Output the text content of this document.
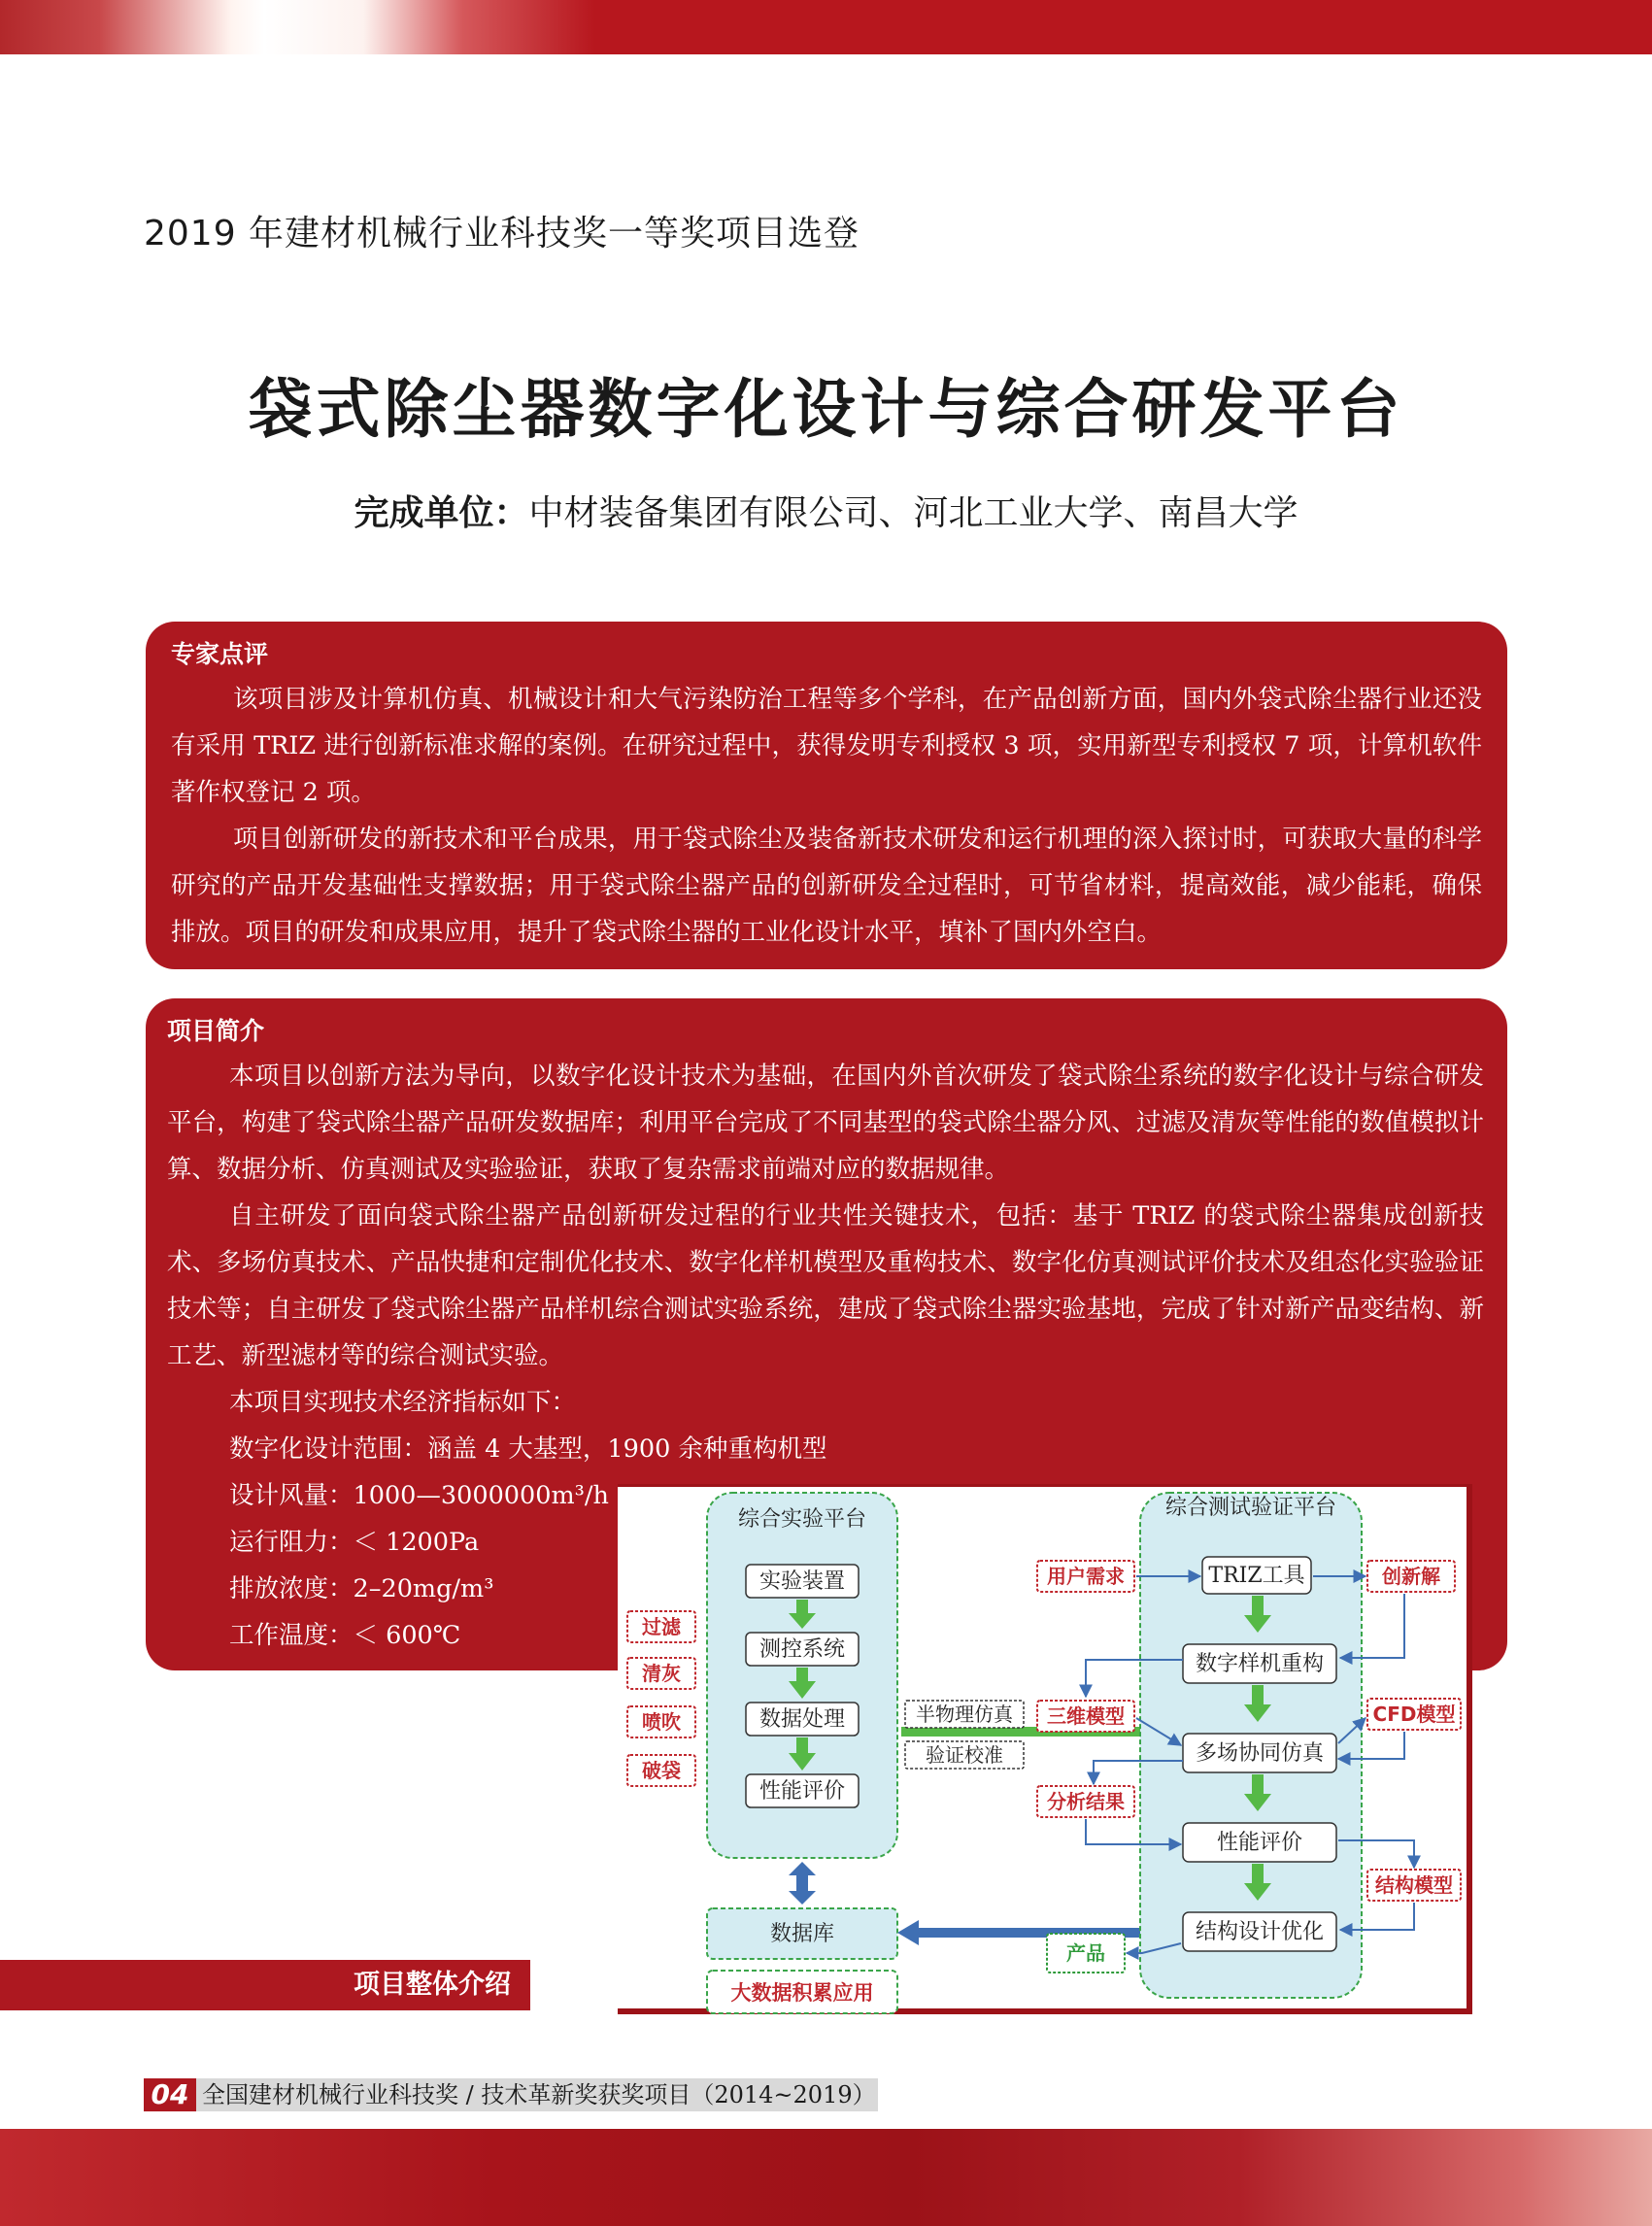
2019 年建材机械行业科技奖一等奖项目选登
袋式除尘器数字化设计与综合研发平台
完成单位：中材装备集团有限公司、河北工业大学、南昌大学
专家点评

该项目涉及计算机仿真、机械设计和大气污染防治工程等多个学科，在产品创新方面，国内外袋式除尘器行业还没有采用 TRIZ 进行创新标准求解的案例。在研究过程中，获得发明专利授权 3 项，实用新型专利授权 7 项，计算机软件著作权登记 2 项。

项目创新研发的新技术和平台成果，用于袋式除尘及装备新技术研发和运行机理的深入探讨时，可获取大量的科学研究的产品开发基础性支撑数据；用于袋式除尘器产品的创新研发全过程时，可节省材料，提高效能，减少能耗，确保排放。项目的研发和成果应用，提升了袋式除尘器的工业化设计水平，填补了国内外空白。

项目简介

本项目以创新方法为导向，以数字化设计技术为基础，在国内外首次研发了袋式除尘系统的数字化设计与综合研发平台，构建了袋式除尘器产品研发数据库；利用平台完成了不同基型的袋式除尘器分风、过滤及清灰等性能的数值模拟计算、数据分析、仿真测试及实验验证，获取了复杂需求前端对应的数据规律。

自主研发了面向袋式除尘器产品创新研发过程的行业共性关键技术，包括：基于 TRIZ 的袋式除尘器集成创新技术、多场仿真技术、产品快捷和定制优化技术、数字化样机模型及重构技术、数字化仿真测试评价技术及组态化实验验证技术等；自主研发了袋式除尘器产品样机综合测试实验系统，建成了袋式除尘器实验基地，完成了针对新产品变结构、新工艺、新型滤材等的综合测试实验。

本项目实现技术经济指标如下：

数字化设计范围：涵盖 4 大基型，1900 余种重构机型
设计风量：1000—3000000m³/h
运行阻力：＜ 1200Pa
排放浓度：2–20mg/m³
工作温度：＜ 600℃
综合实验平台
实验装置
测控系统
数据处理
性能评价
过滤
清灰
喷吹
破袋
数据库
大数据积累应用
半物理仿真
验证校准
综合测试验证平台
TRIZ工具
数字样机重构
多场协同仿真
性能评价
结构设计优化
用户需求
三维模型
分析结果
创新解
CFD模型
结构模型
产品
项目整体介绍
04 全国建材机械行业科技奖 / 技术革新奖获奖项目（2014~2019）
